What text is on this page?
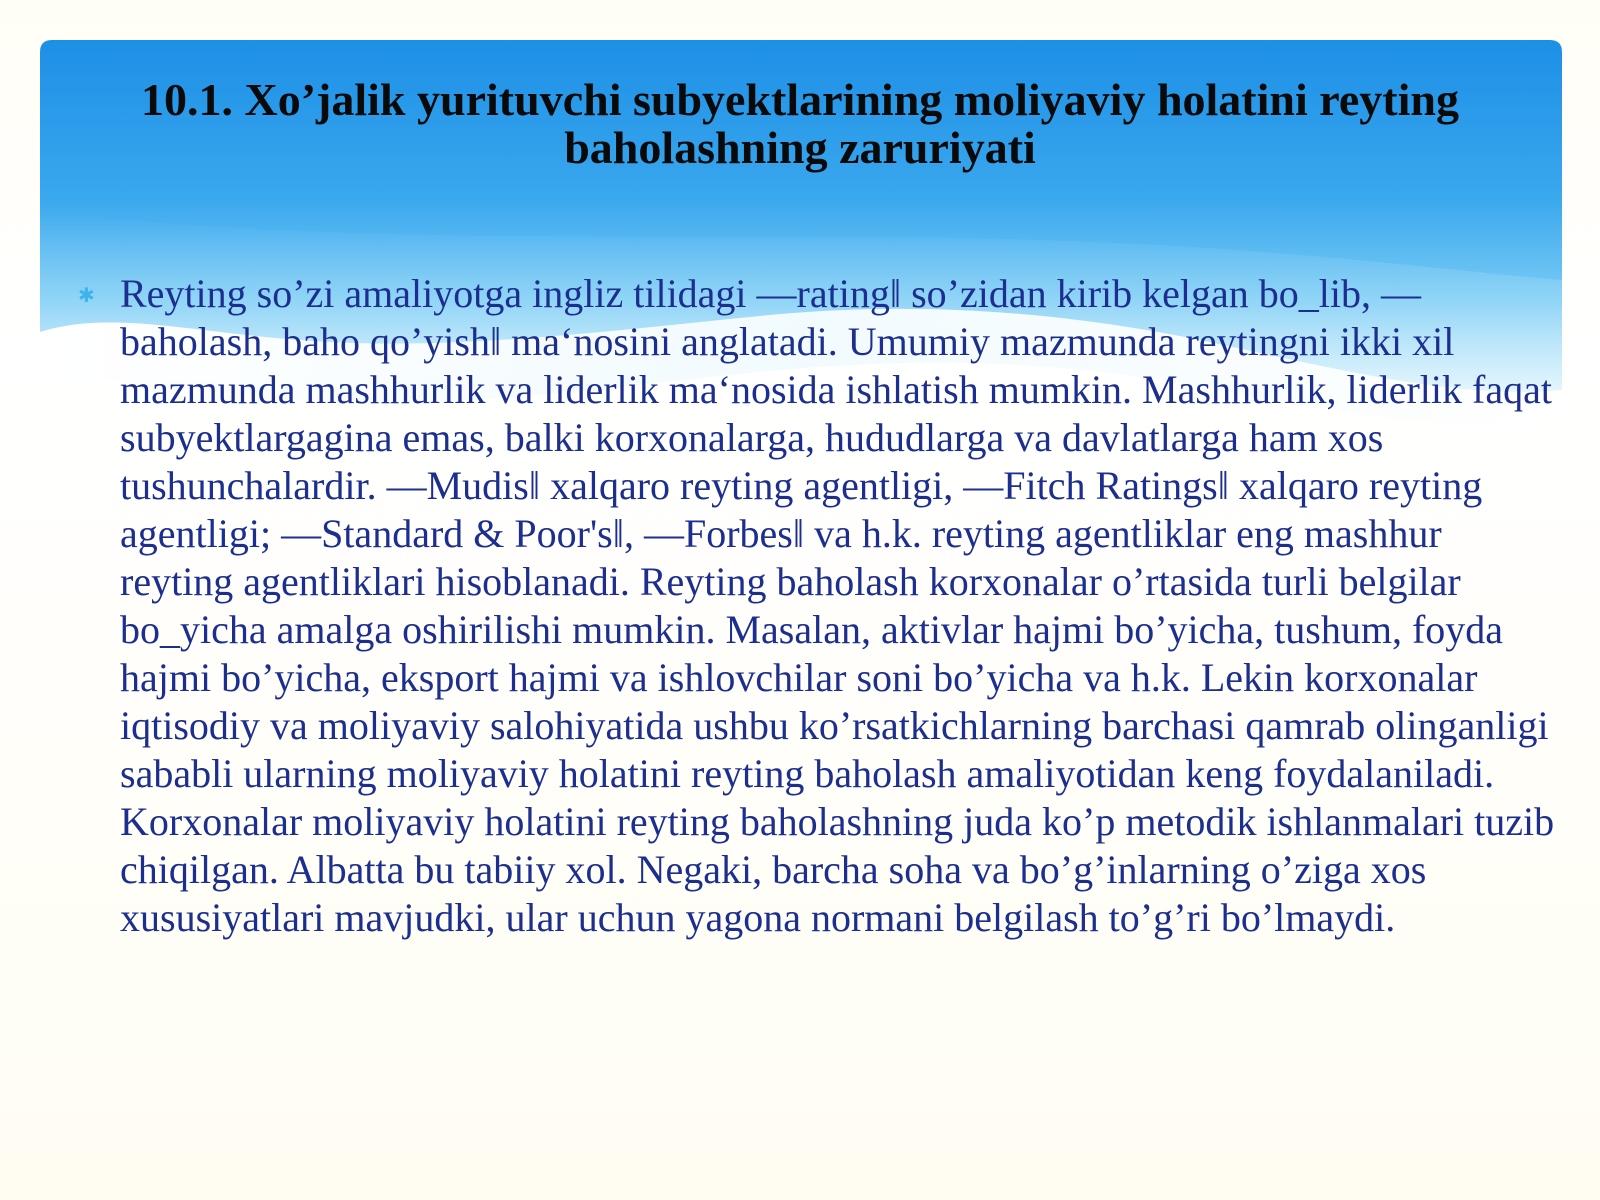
10.1. Xo’jalik yurituvchi subyektlarining moliyaviy holatini reyting baholashning zaruriyati
✱ Reyting so’zi amaliyotga ingliz tilidagi —rating‖ so’zidan kirib kelgan bo_lib, —baholash, baho qo’yish‖ ma‘nosini anglatadi. Umumiy mazmunda reytingni ikki xil mazmunda mashhurlik va liderlik ma‘nosida ishlatish mumkin. Mashhurlik, liderlik faqat subyektlargagina emas, balki korxonalarga, hududlarga va davlatlarga ham xos tushunchalardir. —Mudis‖ xalqaro reyting agentligi, —Fitch Ratings‖ xalqaro reyting agentligi; —Standard & Poor's‖, —Forbes‖ va h.k. reyting agentliklar eng mashhur reyting agentliklari hisoblanadi. Reyting baholash korxonalar o’rtasida turli belgilar bo_yicha amalga oshirilishi mumkin. Masalan, aktivlar hajmi bo’yicha, tushum, foyda hajmi bo’yicha, eksport hajmi va ishlovchilar soni bo’yicha va h.k. Lekin korxonalar iqtisodiy va moliyaviy salohiyatida ushbu ko’rsatkichlarning barchasi qamrab olinganligi sababli ularning moliyaviy holatini reyting baholash amaliyotidan keng foydalaniladi. Korxonalar moliyaviy holatini reyting baholashning juda ko’p metodik ishlanmalari tuzib chiqilgan. Albatta bu tabiiy xol. Negaki, barcha soha va bo’g’inlarning o’ziga xos xususiyatlari mavjudki, ular uchun yagona normani belgilash to’g’ri bo’lmaydi.
